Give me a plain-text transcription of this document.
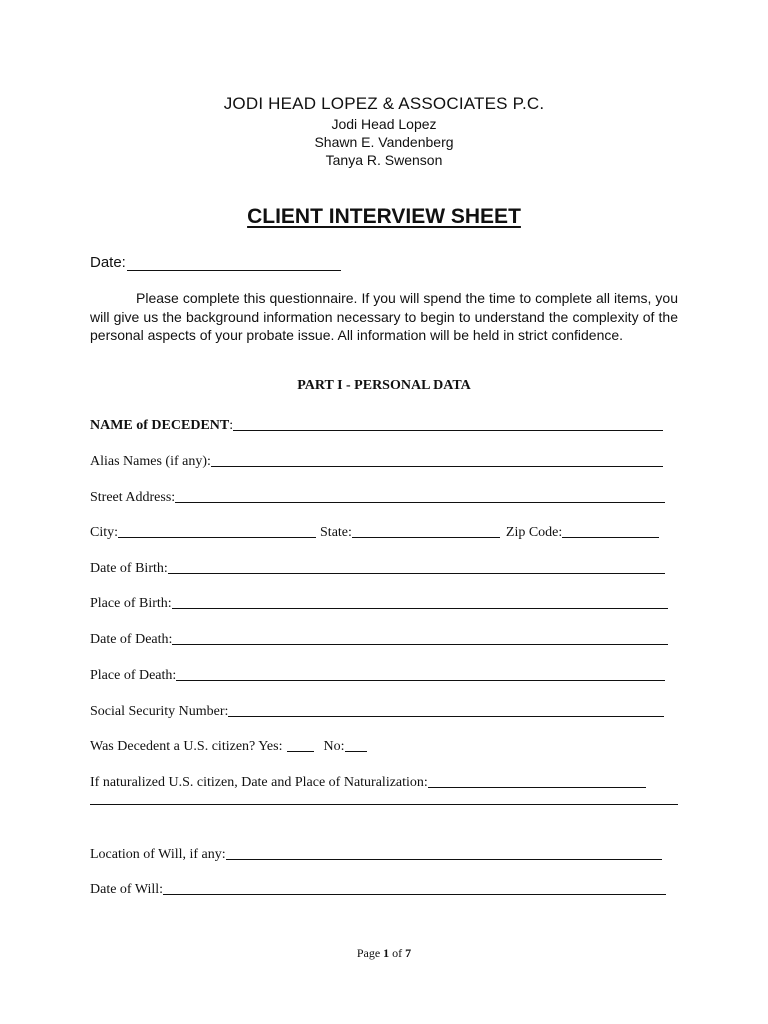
JODI HEAD LOPEZ & ASSOCIATES P.C.
Jodi Head Lopez
Shawn E. Vandenberg
Tanya R. Swenson
CLIENT INTERVIEW SHEET
Date:

Please complete this questionnaire. If you will spend the time to complete all items, you will give us the background information necessary to begin to understand the complexity of the personal aspects of your probate issue. All information will be held in strict confidence.

PART I - PERSONAL DATA
NAME of DECEDENT :
Alias Names (if any):
Street Address:
City:	State:	Zip Code:
Date of Birth:
Place of Birth:
Date of Death:
Place of Death:
Social Security Number:
Was Decedent a U.S. citizen? Yes:	No:
If naturalized U.S. citizen, Date and Place of Naturalization:
Location of Will, if any:
Date of Will:
Page 1 of 7
